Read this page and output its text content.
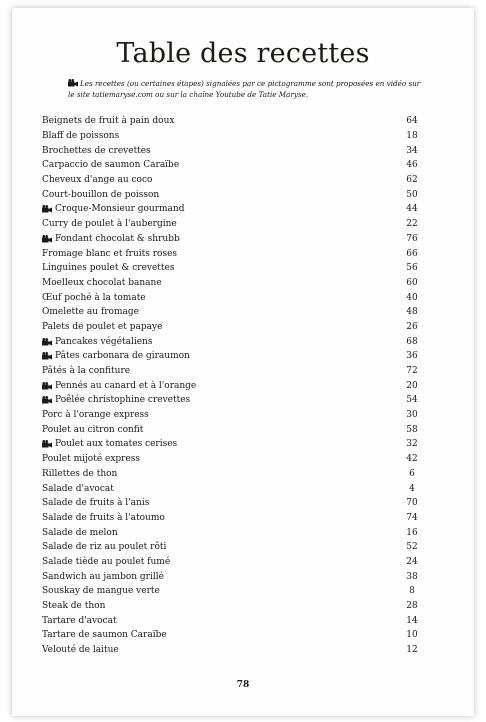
Table des recettes
Les recettes (ou certaines étapes) signalées par ce pictogramme sont proposées en vidéo sur le site tatiemaryse.com ou sur la chaîne Youtube de Tatie Maryse.
Beignets de fruit à pain doux	64
Blaff de poissons	18
Brochettes de crevettes	34
Carpaccio de saumon Caraïbe	46
Cheveux d'ange au coco	62
Court-bouillon de poisson	50
Croque-Monsieur gourmand	44
Curry de poulet à l'aubergine	22
Fondant chocolat & shrubb	76
Fromage blanc et fruits roses	66
Linguines poulet & crevettes	56
Moelleux chocolat banane	60
Œuf poché à la tomate	40
Omelette au fromage	48
Palets de poulet et papaye	26
Pancakes végétaliens	68
Pâtes carbonara de giraumon	36
Pâtés à la confiture	72
Pennés au canard et à l'orange	20
Poêlée christophine crevettes	54
Porc à l'orange express	30
Poulet au citron confit	58
Poulet aux tomates cerises	32
Poulet mijoté express	42
Rillettes de thon	6
Salade d'avocat	4
Salade de fruits à l'anis	70
Salade de fruits à l'atoumo	74
Salade de melon	16
Salade de riz au poulet rôti	52
Salade tiède au poulet fumé	24
Sandwich au jambon grillé	38
Souskay de mangue verte	8
Steak de thon	28
Tartare d'avocat	14
Tartare de saumon Caraïbe	10
Velouté de laitue	12
78
